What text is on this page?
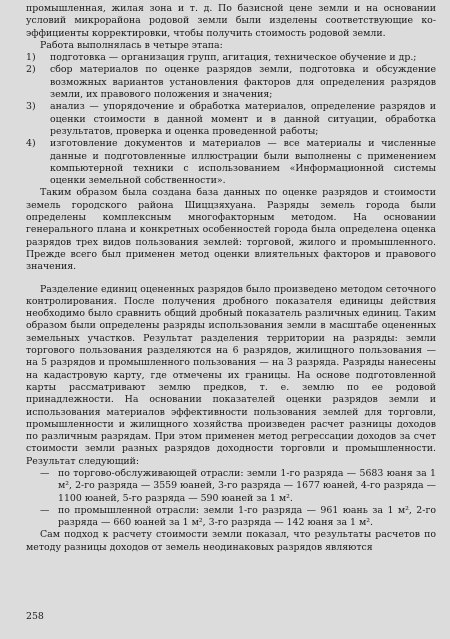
промышленная, жилая зона и т. д. По базисной цене земли и на основании условий микрорайона родовой земли были изделены соответствующие ко-эффициенты корректировки, чтобы получить стоимость родовой земли.

Работа выполнялась в четыре этапа:

1) подготовка — организация групп, агитация, техническое обучение и др.;
2) сбор материалов по оценке разрядов земли, подготовка и обсуждение возможных вариантов установления факторов для определения разрядов земли, их правового положения и значения;
3) анализ — упорядочение и обработка материалов, определение разрядов и оценки стоимости в данной момент и в данной ситуации, обработка результатов, проверка и оценка проведенной работы;
4) изготовление документов и материалов — все материалы и численные данные и подготовленные иллюстрации были выполнены с применением компьютерной техники с использованием «Информационной системы оценки земельной собственности».

Таким образом была создана база данных по оценке разрядов и стоимости земель городского района Шиццзяхуана. Разряды земель города были определены комплексным многофакторным методом. На основании генерального плана и конкретных особенностей города была определена оценка разрядов трех видов пользования землей: торговой, жилого и промышленного. Прежде всего был применен метод оценки влиятельных факторов и правового значения.

Разделение единиц оцененных разрядов было произведено методом сеточного контролирования. После получения дробного показателя единицы действия необходимо было сравнить общий дробный показатель различных единиц. Таким образом были определены разряды использования земли в масштабе оцененных земельных участков. Результат разделения территории на разряды: земли торгового пользования разделяются на 6 разрядов, жилищного пользования — на 5 разрядов и промышленного пользования — на 3 разряда. Разряды нанесены на кадастровую карту, где отмечены их границы. На основе подготовленной карты рассматривают землю предков, т. е. землю по ее родовой принадлежности. На основании показателей оценки разрядов земли и использования материалов эффективности пользования землей для торговли, промышленности и жилищного хозяйства произведен расчет разницы доходов по различным разрядам. При этом применен метод регрессации доходов за счет стоимости земли разных разрядов доходности торговли и промышленности. Результат следующий:

— по торгово-обслуживающей отрасли: земли 1-го разряда — 5683 юаня за 1 м², 2-го разряда — 3559 юаней, 3-го разряда — 1677 юаней, 4-го разряда — 1100 юаней, 5-го разряда — 590 юаней за 1 м².
— по промышленной отрасли: земли 1-го разряда — 961 юань за 1 м², 2-го разряда — 660 юаней за 1 м², 3-го разряда — 142 юаня за 1 м².

Сам подход к расчету стоимости земли показал, что результаты расчетов по методу разницы доходов от земель неодинаковых разрядов являются

258
